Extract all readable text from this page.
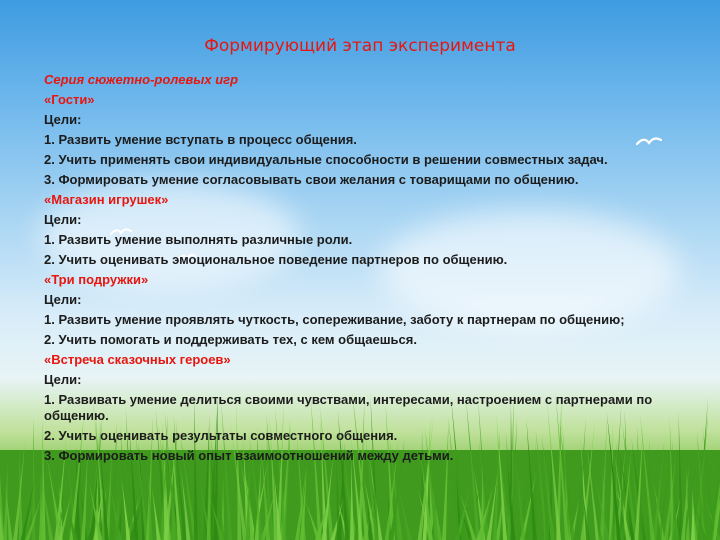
Формирующий этап эксперимента

Серия сюжетно-ролевых игр

«Гости»

Цели:

1. Развить умение вступать в процесс общения.

2. Учить применять свои индивидуальные способности в решении совместных задач.

3. Формировать умение согласовывать свои желания с товарищами по общению.

«Магазин игрушек»

Цели:

1. Развить умение выполнять различные роли.

2. Учить оценивать эмоциональное поведение партнеров по общению.

«Три подружки»

Цели:

1. Развить умение проявлять чуткость, сопереживание, заботу к партнерам по общению;

2. Учить помогать и поддерживать тех, с кем общаешься.

«Встреча сказочных героев»

Цели:

1. Развивать умение делиться своими чувствами, интересами, настроением с партнерами по общению.

2. Учить оценивать результаты совместного общения.

3. Формировать новый опыт взаимоотношений между детьми.
